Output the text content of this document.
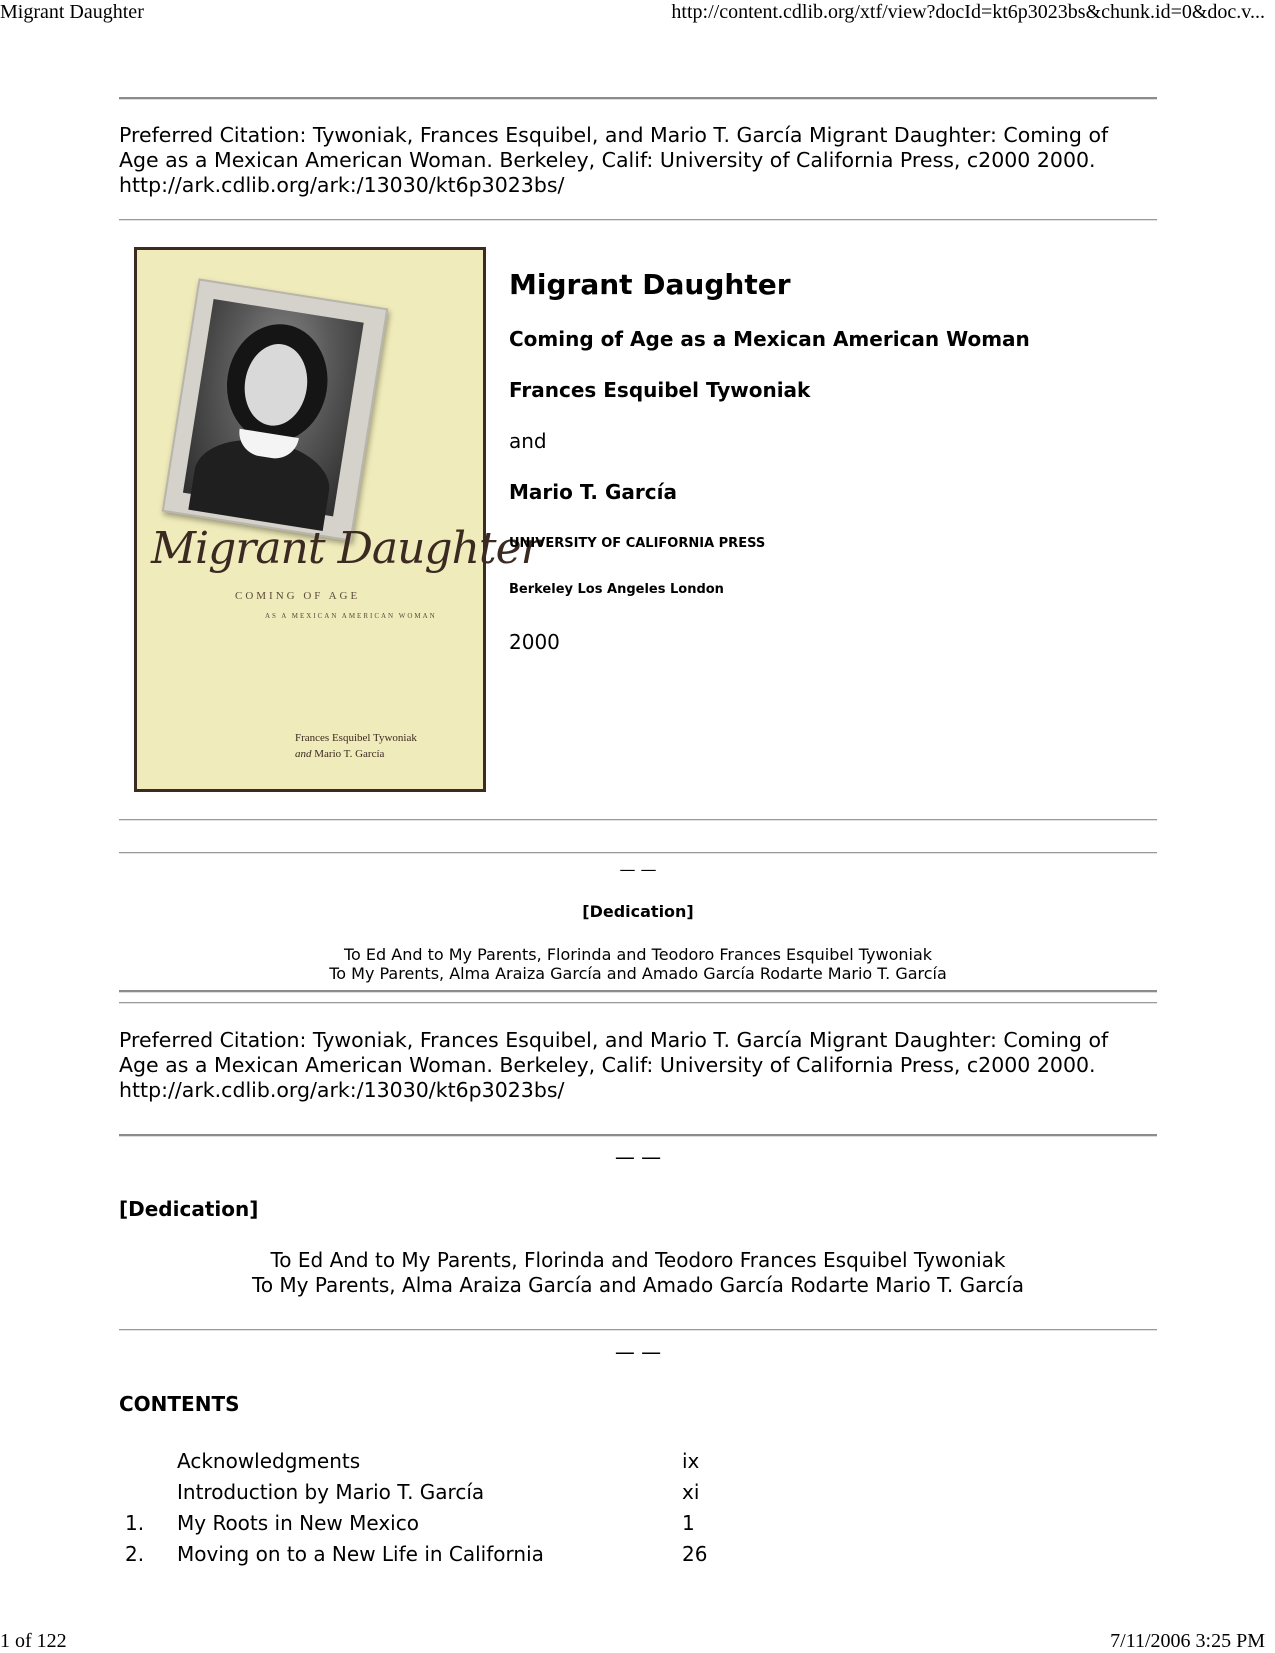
Migrant Daughter	http://content.cdlib.org/xtf/view?docId=kt6p3023bs&chunk.id=0&doc.v...
Preferred Citation: Tywoniak, Frances Esquibel, and Mario T. García Migrant Daughter: Coming of
Age as a Mexican American Woman. Berkeley, Calif: University of California Press, c2000 2000.
http://ark.cdlib.org/ark:/13030/kt6p3023bs/
Migrant Daughter
COMING OF AGE
AS A MEXICAN AMERICAN WOMAN
Frances Esquibel Tywoniak
and Mario T. García
Migrant Daughter
Coming of Age as a Mexican American Woman
Frances Esquibel Tywoniak
and
Mario T. García
UNIVERSITY OF CALIFORNIA PRESS
Berkeley Los Angeles London
2000
— —
[Dedication]
To Ed And to My Parents, Florinda and Teodoro Frances Esquibel Tywoniak
To My Parents, Alma Araiza García and Amado García Rodarte Mario T. García
Preferred Citation: Tywoniak, Frances Esquibel, and Mario T. García Migrant Daughter: Coming of
Age as a Mexican American Woman. Berkeley, Calif: University of California Press, c2000 2000.
http://ark.cdlib.org/ark:/13030/kt6p3023bs/
— —
[Dedication]
To Ed And to My Parents, Florinda and Teodoro Frances Esquibel Tywoniak
To My Parents, Alma Araiza García and Amado García Rodarte Mario T. García
— —
CONTENTS
Acknowledgments	ix
Introduction by Mario T. García	xi
1. My Roots in New Mexico	1
2. Moving on to a New Life in California	26
1 of 122	7/11/2006 3:25 PM
